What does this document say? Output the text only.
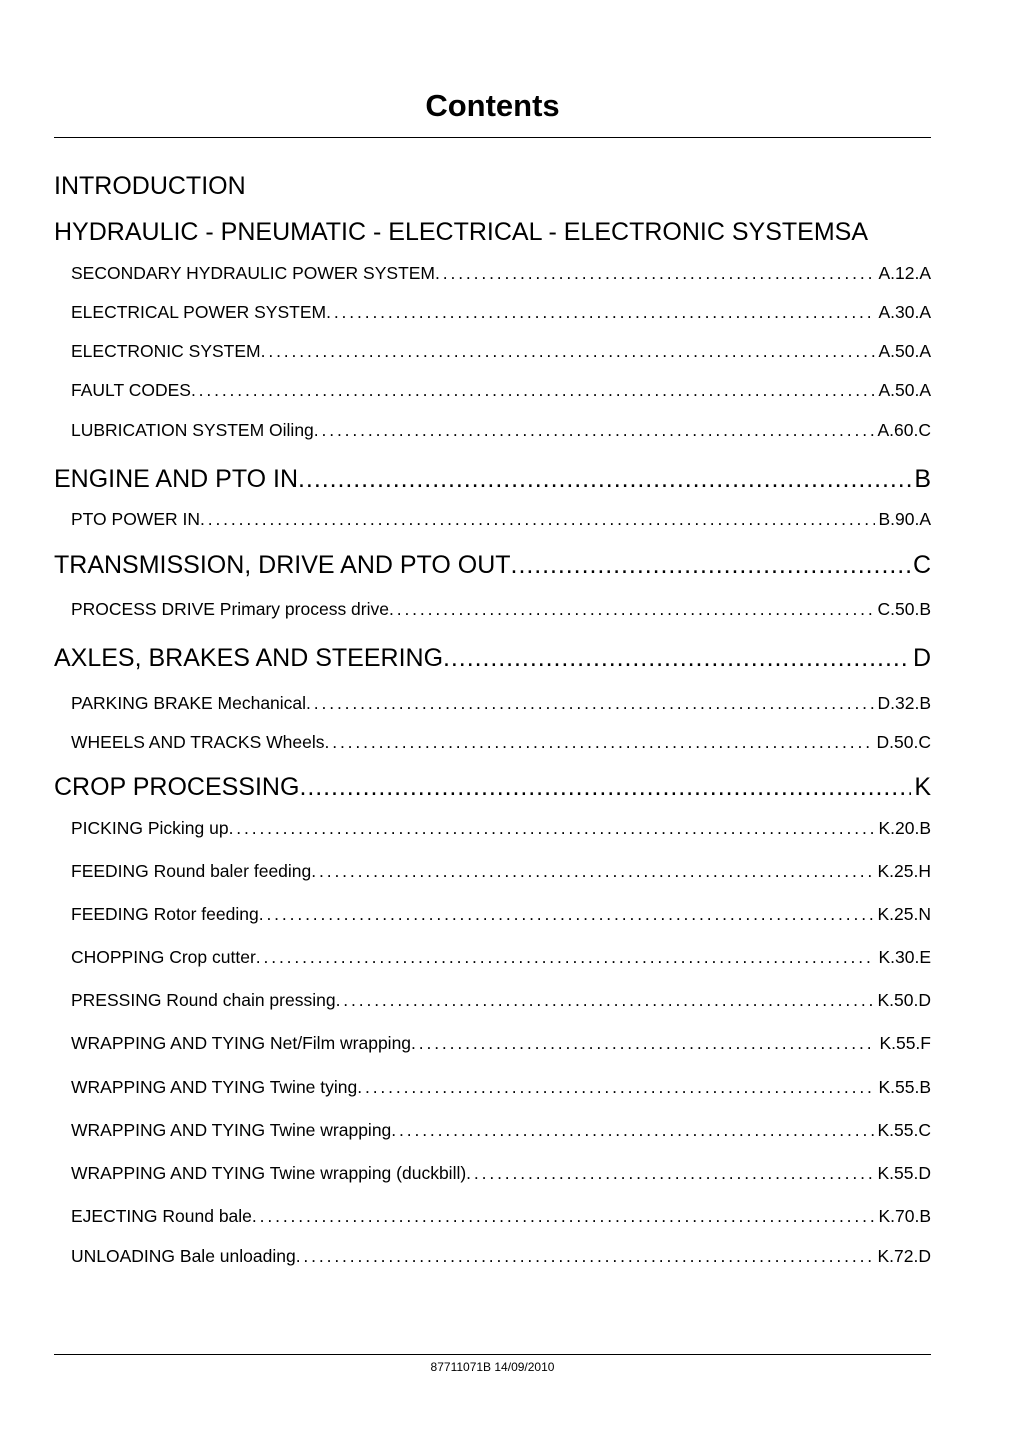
Contents
INTRODUCTION
HYDRAULIC - PNEUMATIC - ELECTRICAL - ELECTRONIC SYSTEMS A
SECONDARY HYDRAULIC POWER SYSTEM . . .	A.12.A
ELECTRICAL POWER SYSTEM . . .	A.30.A
ELECTRONIC SYSTEM . . .	A.50.A
FAULT CODES . . .	A.50.A
LUBRICATION SYSTEM Oiling . . .	A.60.C
ENGINE AND PTO IN . . .	B
PTO POWER IN . . .	B.90.A
TRANSMISSION, DRIVE AND PTO OUT . . .	C
PROCESS DRIVE Primary process drive . . .	C.50.B
AXLES, BRAKES AND STEERING . . .	D
PARKING BRAKE Mechanical . . .	D.32.B
WHEELS AND TRACKS Wheels . . .	D.50.C
CROP PROCESSING . . .	K
PICKING Picking up . . .	K.20.B
FEEDING Round baler feeding . . .	K.25.H
FEEDING Rotor feeding . . .	K.25.N
CHOPPING Crop cutter . . .	K.30.E
PRESSING Round chain pressing . . .	K.50.D
WRAPPING AND TYING Net/Film wrapping . . .	K.55.F
WRAPPING AND TYING Twine tying . . .	K.55.B
WRAPPING AND TYING Twine wrapping . . .	K.55.C
WRAPPING AND TYING Twine wrapping (duckbill) . . .	K.55.D
EJECTING Round bale . . .	K.70.B
UNLOADING Bale unloading . . .	K.72.D
87711071B 14/09/2010
